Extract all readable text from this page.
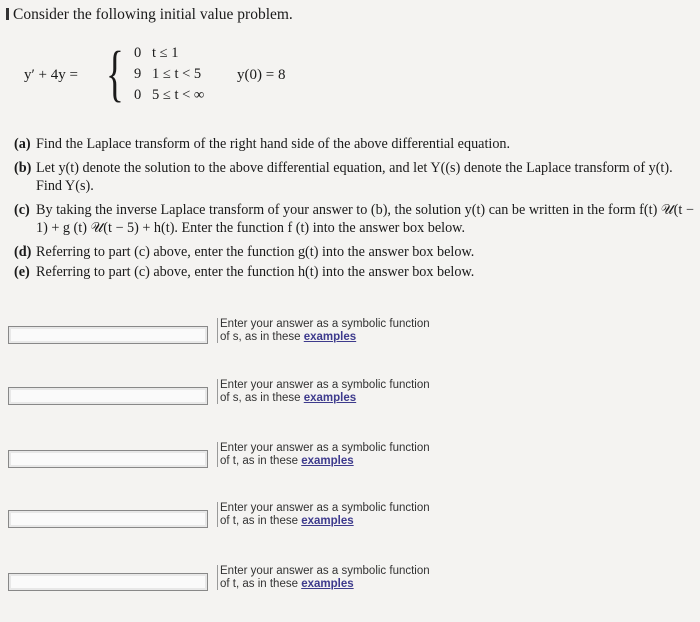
Consider the following initial value problem.
y′ + 4y = { 0 t ≤ 1
9 1 ≤ t < 5
0 5 ≤ t < ∞
y(0) = 8
(a) Find the Laplace transform of the right hand side of the above differential equation.
(b) Let y(t) denote the solution to the above differential equation, and let Y((s) denote the Laplace transform of y(t). Find Y(s).
(c) By taking the inverse Laplace transform of your answer to (b), the solution y(t) can be written in the form f(t) 𝒰(t − 1) + g (t) 𝒰(t − 5) + h(t). Enter the function f (t) into the answer box below.
(d) Referring to part (c) above, enter the function g(t) into the answer box below.
(e) Referring to part (c) above, enter the function h(t) into the answer box below.
Enter your answer as a symbolic function of s, as in these examples
Enter your answer as a symbolic function of s, as in these examples
Enter your answer as a symbolic function of t, as in these examples
Enter your answer as a symbolic function of t, as in these examples
Enter your answer as a symbolic function of t, as in these examples
